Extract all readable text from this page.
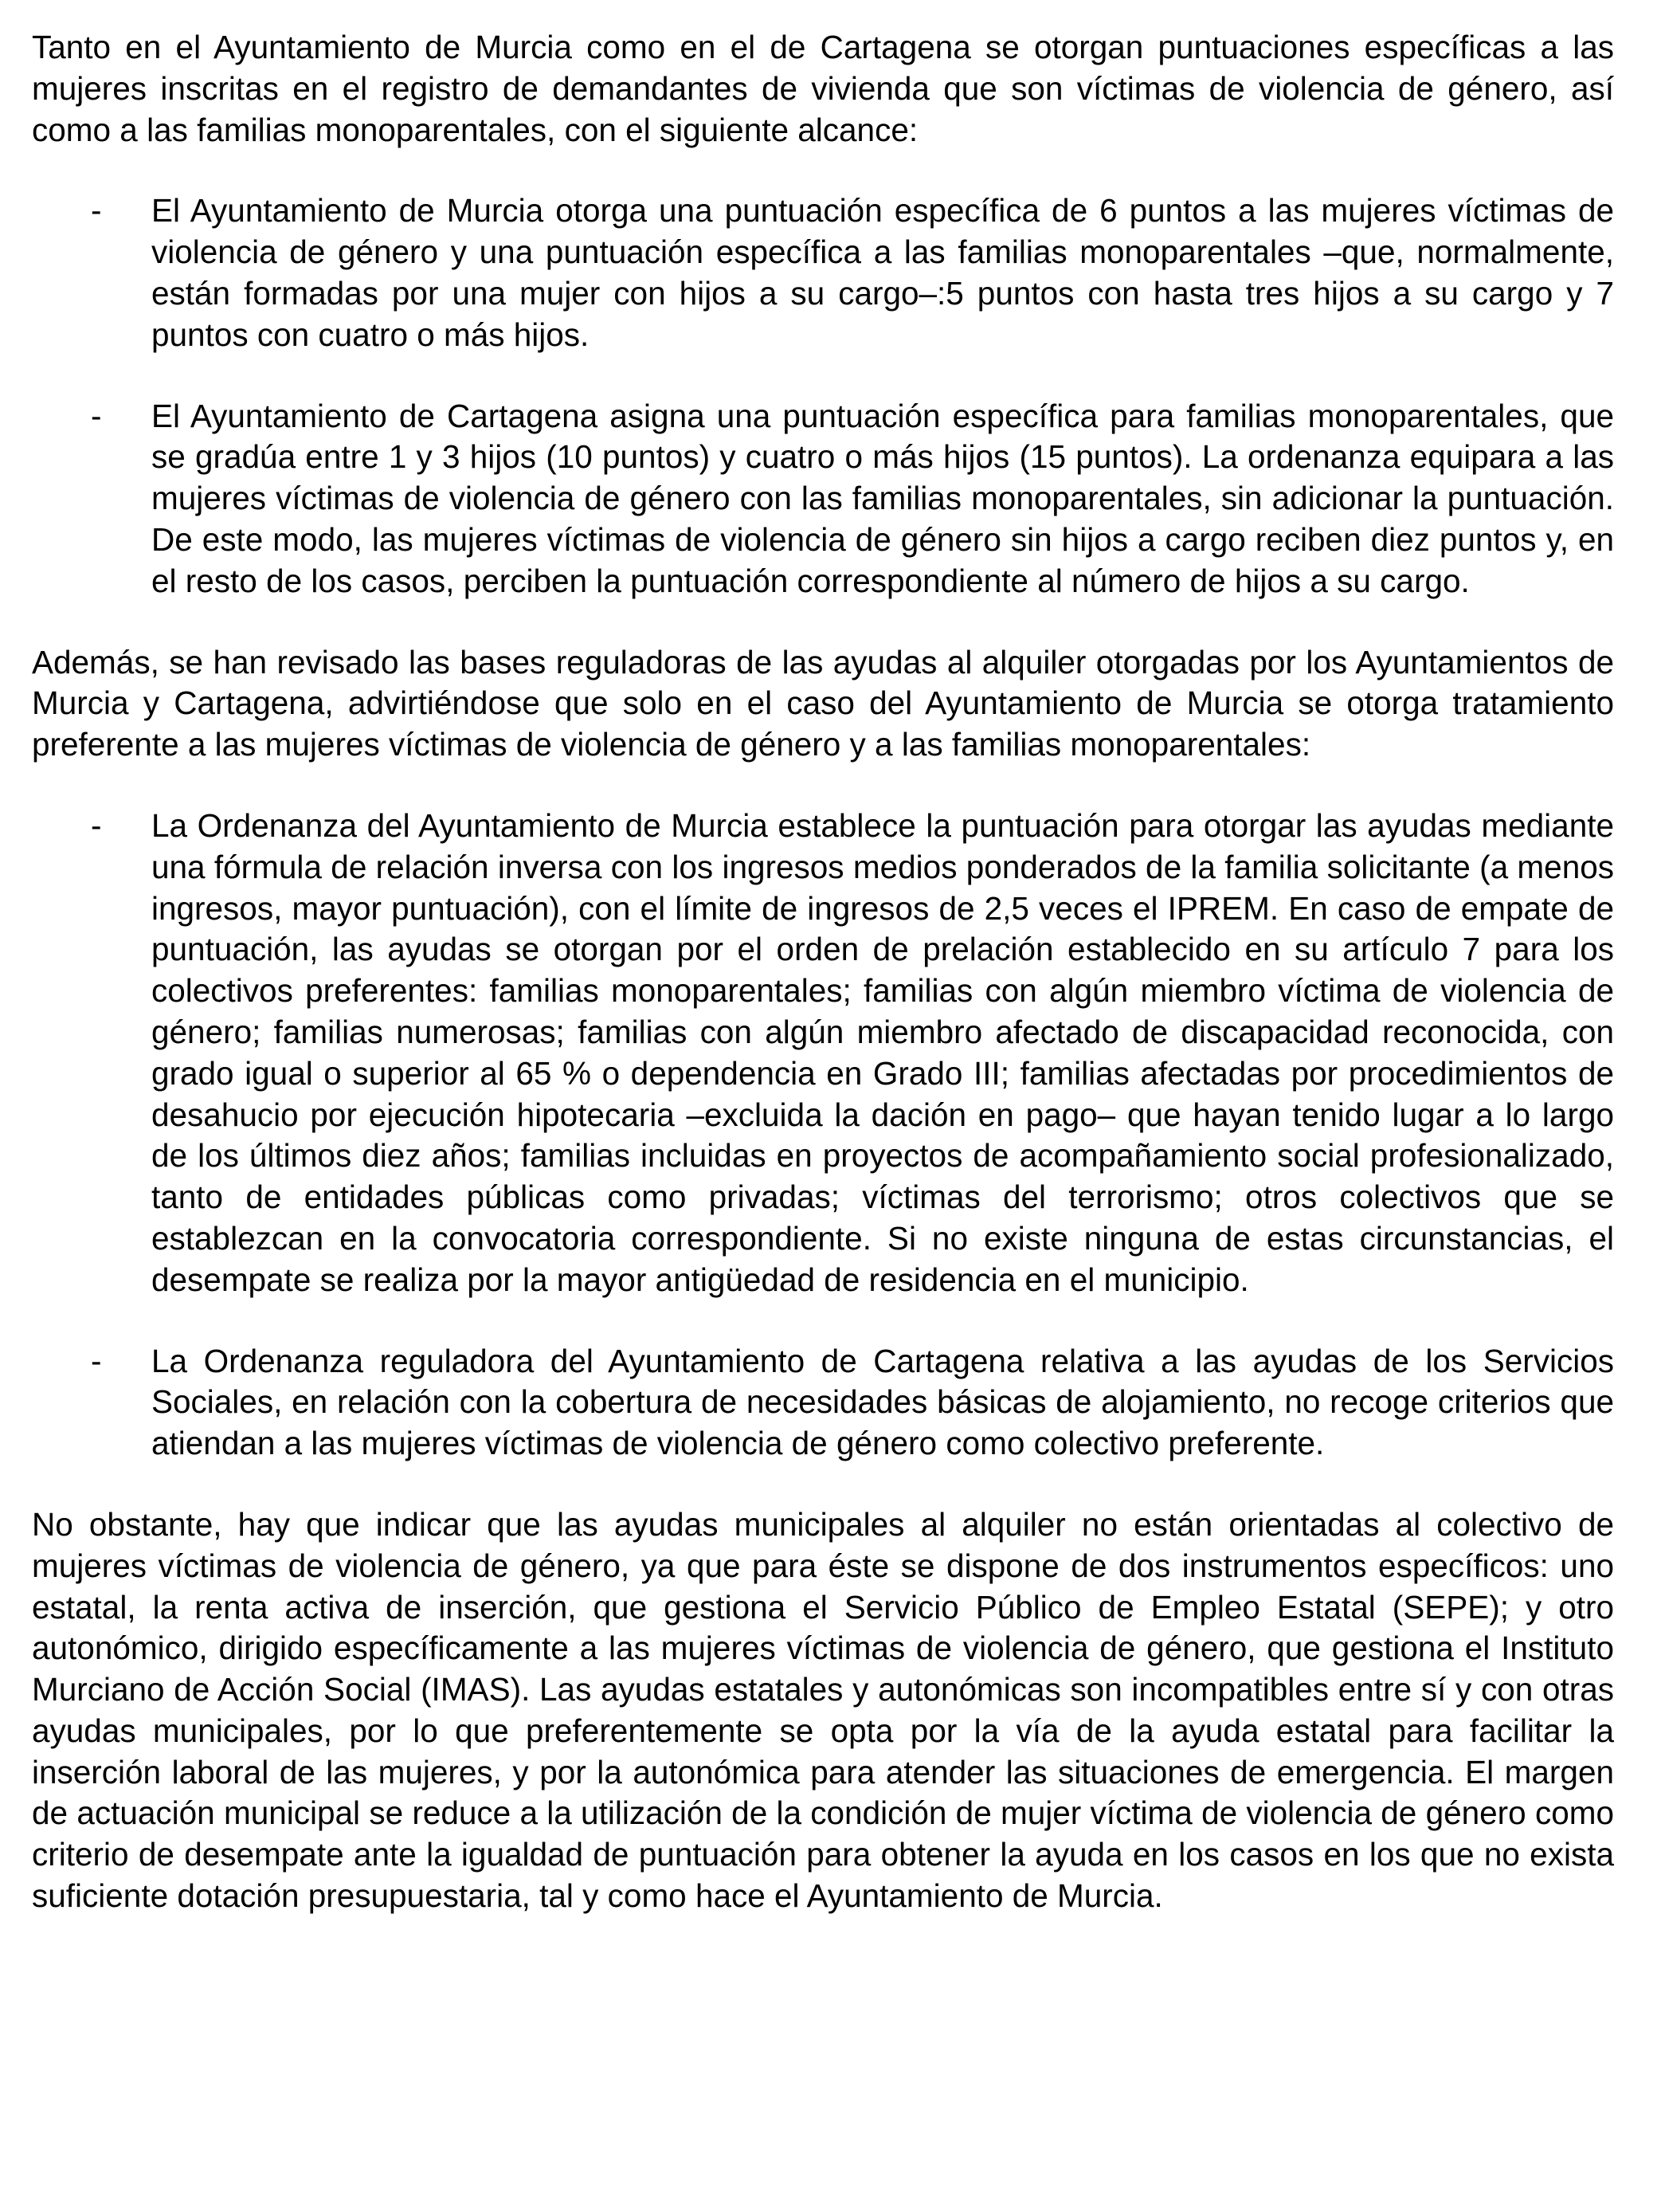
Tanto en el Ayuntamiento de Murcia como en el de Cartagena se otorgan puntuaciones específicas a las mujeres inscritas en el registro de demandantes de vivienda que son víctimas de violencia de género, así como a las familias monoparentales, con el siguiente alcance:

- El Ayuntamiento de Murcia otorga una puntuación específica de 6 puntos a las mujeres víctimas de violencia de género y una puntuación específica a las familias monoparentales –que, normalmente, están formadas por una mujer con hijos a su cargo–:5 puntos con hasta tres hijos a su cargo y 7 puntos con cuatro o más hijos.
- El Ayuntamiento de Cartagena asigna una puntuación específica para familias monoparentales, que se gradúa entre 1 y 3 hijos (10 puntos) y cuatro o más hijos (15 puntos). La ordenanza equipara a las mujeres víctimas de violencia de género con las familias monoparentales, sin adicionar la puntuación. De este modo, las mujeres víctimas de violencia de género sin hijos a cargo reciben diez puntos y, en el resto de los casos, perciben la puntuación correspondiente al número de hijos a su cargo.

Además, se han revisado las bases reguladoras de las ayudas al alquiler otorgadas por los Ayuntamientos de Murcia y Cartagena, advirtiéndose que solo en el caso del Ayuntamiento de Murcia se otorga tratamiento preferente a las mujeres víctimas de violencia de género y a las familias monoparentales:

- La Ordenanza del Ayuntamiento de Murcia establece la puntuación para otorgar las ayudas mediante una fórmula de relación inversa con los ingresos medios ponderados de la familia solicitante (a menos ingresos, mayor puntuación), con el límite de ingresos de 2,5 veces el IPREM. En caso de empate de puntuación, las ayudas se otorgan por el orden de prelación establecido en su artículo 7 para los colectivos preferentes: familias monoparentales; familias con algún miembro víctima de violencia de género; familias numerosas; familias con algún miembro afectado de discapacidad reconocida, con grado igual o superior al 65 % o dependencia en Grado III; familias afectadas por procedimientos de desahucio por ejecución hipotecaria –excluida la dación en pago– que hayan tenido lugar a lo largo de los últimos diez años; familias incluidas en proyectos de acompañamiento social profesionalizado, tanto de entidades públicas como privadas; víctimas del terrorismo; otros colectivos que se establezcan en la convocatoria correspondiente. Si no existe ninguna de estas circunstancias, el desempate se realiza por la mayor antigüedad de residencia en el municipio.
- La Ordenanza reguladora del Ayuntamiento de Cartagena relativa a las ayudas de los Servicios Sociales, en relación con la cobertura de necesidades básicas de alojamiento, no recoge criterios que atiendan a las mujeres víctimas de violencia de género como colectivo preferente.

No obstante, hay que indicar que las ayudas municipales al alquiler no están orientadas al colectivo de mujeres víctimas de violencia de género, ya que para éste se dispone de dos instrumentos específicos: uno estatal, la renta activa de inserción, que gestiona el Servicio Público de Empleo Estatal (SEPE); y otro autonómico, dirigido específicamente a las mujeres víctimas de violencia de género, que gestiona el Instituto Murciano de Acción Social (IMAS). Las ayudas estatales y autonómicas son incompatibles entre sí y con otras ayudas municipales, por lo que preferentemente se opta por la vía de la ayuda estatal para facilitar la inserción laboral de las mujeres, y por la autonómica para atender las situaciones de emergencia. El margen de actuación municipal se reduce a la utilización de la condición de mujer víctima de violencia de género como criterio de desempate ante la igualdad de puntuación para obtener la ayuda en los casos en los que no exista suficiente dotación presupuestaria, tal y como hace el Ayuntamiento de Murcia.
